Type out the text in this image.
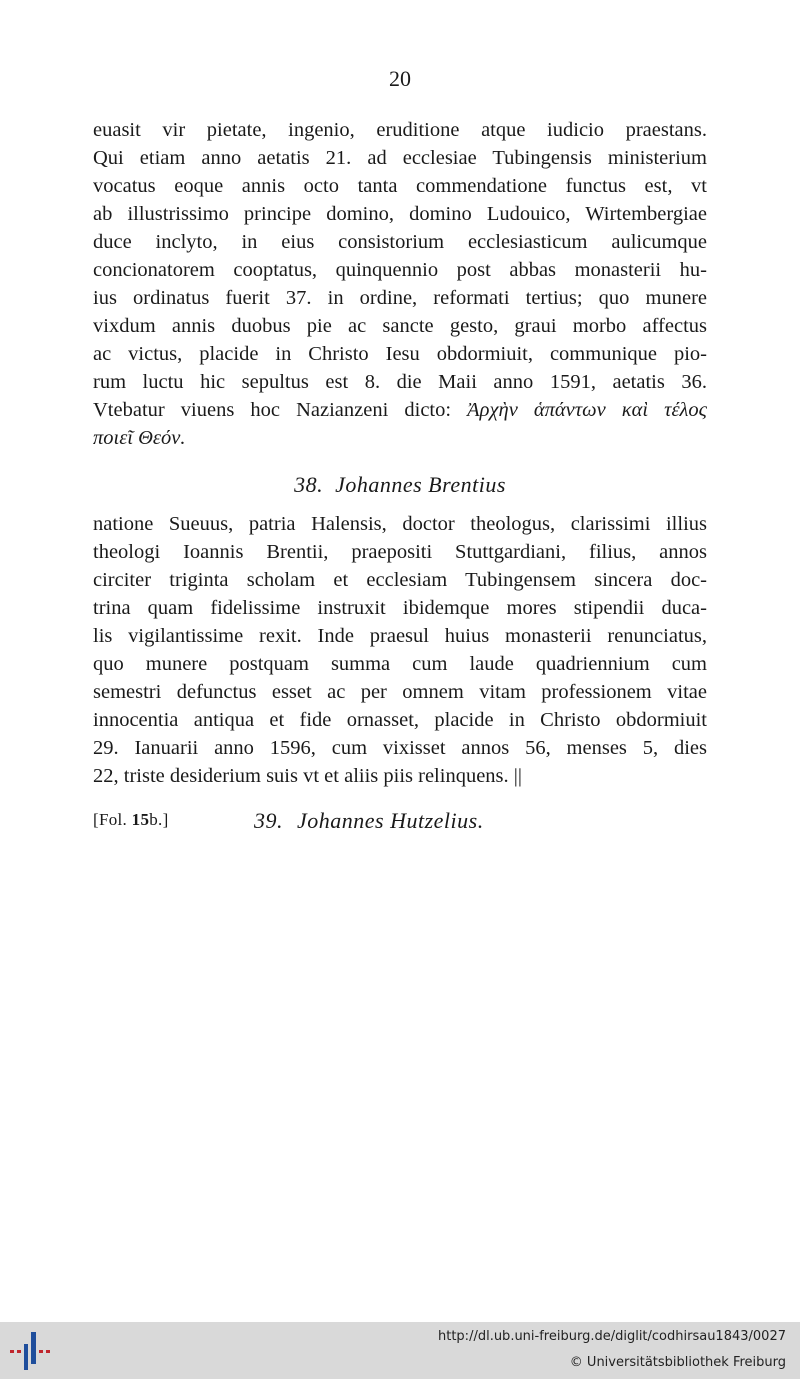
20
euasit vir pietate, ingenio, eruditione atque iudicio praestans.
Qui etiam anno aetatis 21. ad ecclesiae Tubingensis ministerium
vocatus eoque annis octo tanta commendatione functus est, vt
ab illustrissimo principe domino, domino Ludouico, Wirtembergiae
duce inclyto, in eius consistorium ecclesiasticum aulicumque
concionatorem cooptatus, quinquennio post abbas monasterii hu-
ius ordinatus fuerit 37. in ordine, reformati tertius; quo munere
vixdum annis duobus pie ac sancte gesto, graui morbo affectus
ac victus, placide in Christo Iesu obdormiuit, communique pio-
rum luctu hic sepultus est 8. die Maii anno 1591, aetatis 36.
Vtebatur viuens hoc Nazianzeni dicto: Ἀρχὴν ἁπάντων καὶ τέλος
ποιεῖ Θεόν.
38. Johannes Brentius
natione Sueuus, patria Halensis, doctor theologus, clarissimi illius
theologi Ioannis Brentii, praepositi Stuttgardiani, filius, annos
circiter triginta scholam et ecclesiam Tubingensem sincera doc-
trina quam fidelissime instruxit ibidemque mores stipendii duca-
lis vigilantissime rexit. Inde praesul huius monasterii renunciatus,
quo munere postquam summa cum laude quadriennium cum
semestri defunctus esset ac per omnem vitam professionem vitae
innocentia antiqua et fide ornasset, placide in Christo obdormiuit
29. Ianuarii anno 1596, cum vixisset annos 56, menses 5, dies
22, triste desiderium suis vt et aliis piis relinquens. ||
[Fol. 15b.]	39. Johannes Hutzelius.
http://dl.ub.uni-freiburg.de/diglit/codhirsau1843/0027
© Universitätsbibliothek Freiburg
